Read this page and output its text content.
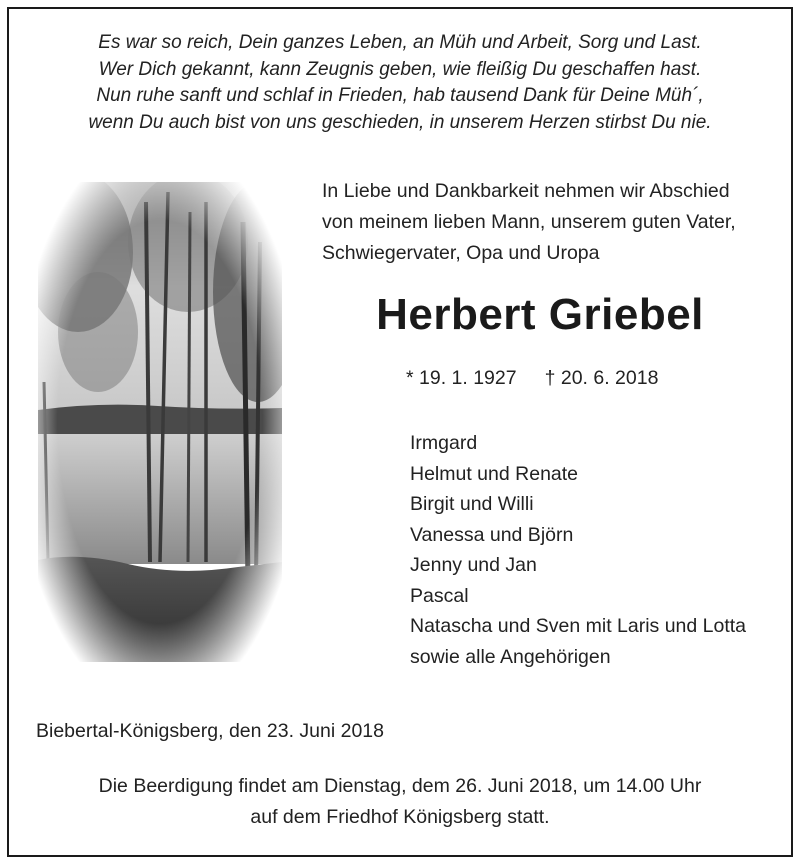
Es war so reich, Dein ganzes Leben, an Müh und Arbeit, Sorg und Last.
Wer Dich gekannt, kann Zeugnis geben, wie fleißig Du geschaffen hast.
Nun ruhe sanft und schlaf in Frieden, hab tausend Dank für Deine Müh´,
wenn Du auch bist von uns geschieden, in unserem Herzen stirbst Du nie.
In Liebe und Dankbarkeit nehmen wir Abschied
von meinem lieben Mann, unserem guten Vater,
Schwiegervater, Opa und Uropa
Herbert Griebel
* 19. 1. 1927 † 20. 6. 2018
Irmgard
Helmut und Renate
Birgit und Willi
Vanessa und Björn
Jenny und Jan
Pascal
Natascha und Sven mit Laris und Lotta
sowie alle Angehörigen
Biebertal-Königsberg, den 23. Juni 2018
Die Beerdigung findet am Dienstag, dem 26. Juni 2018, um 14.00 Uhr
auf dem Friedhof Königsberg statt.
